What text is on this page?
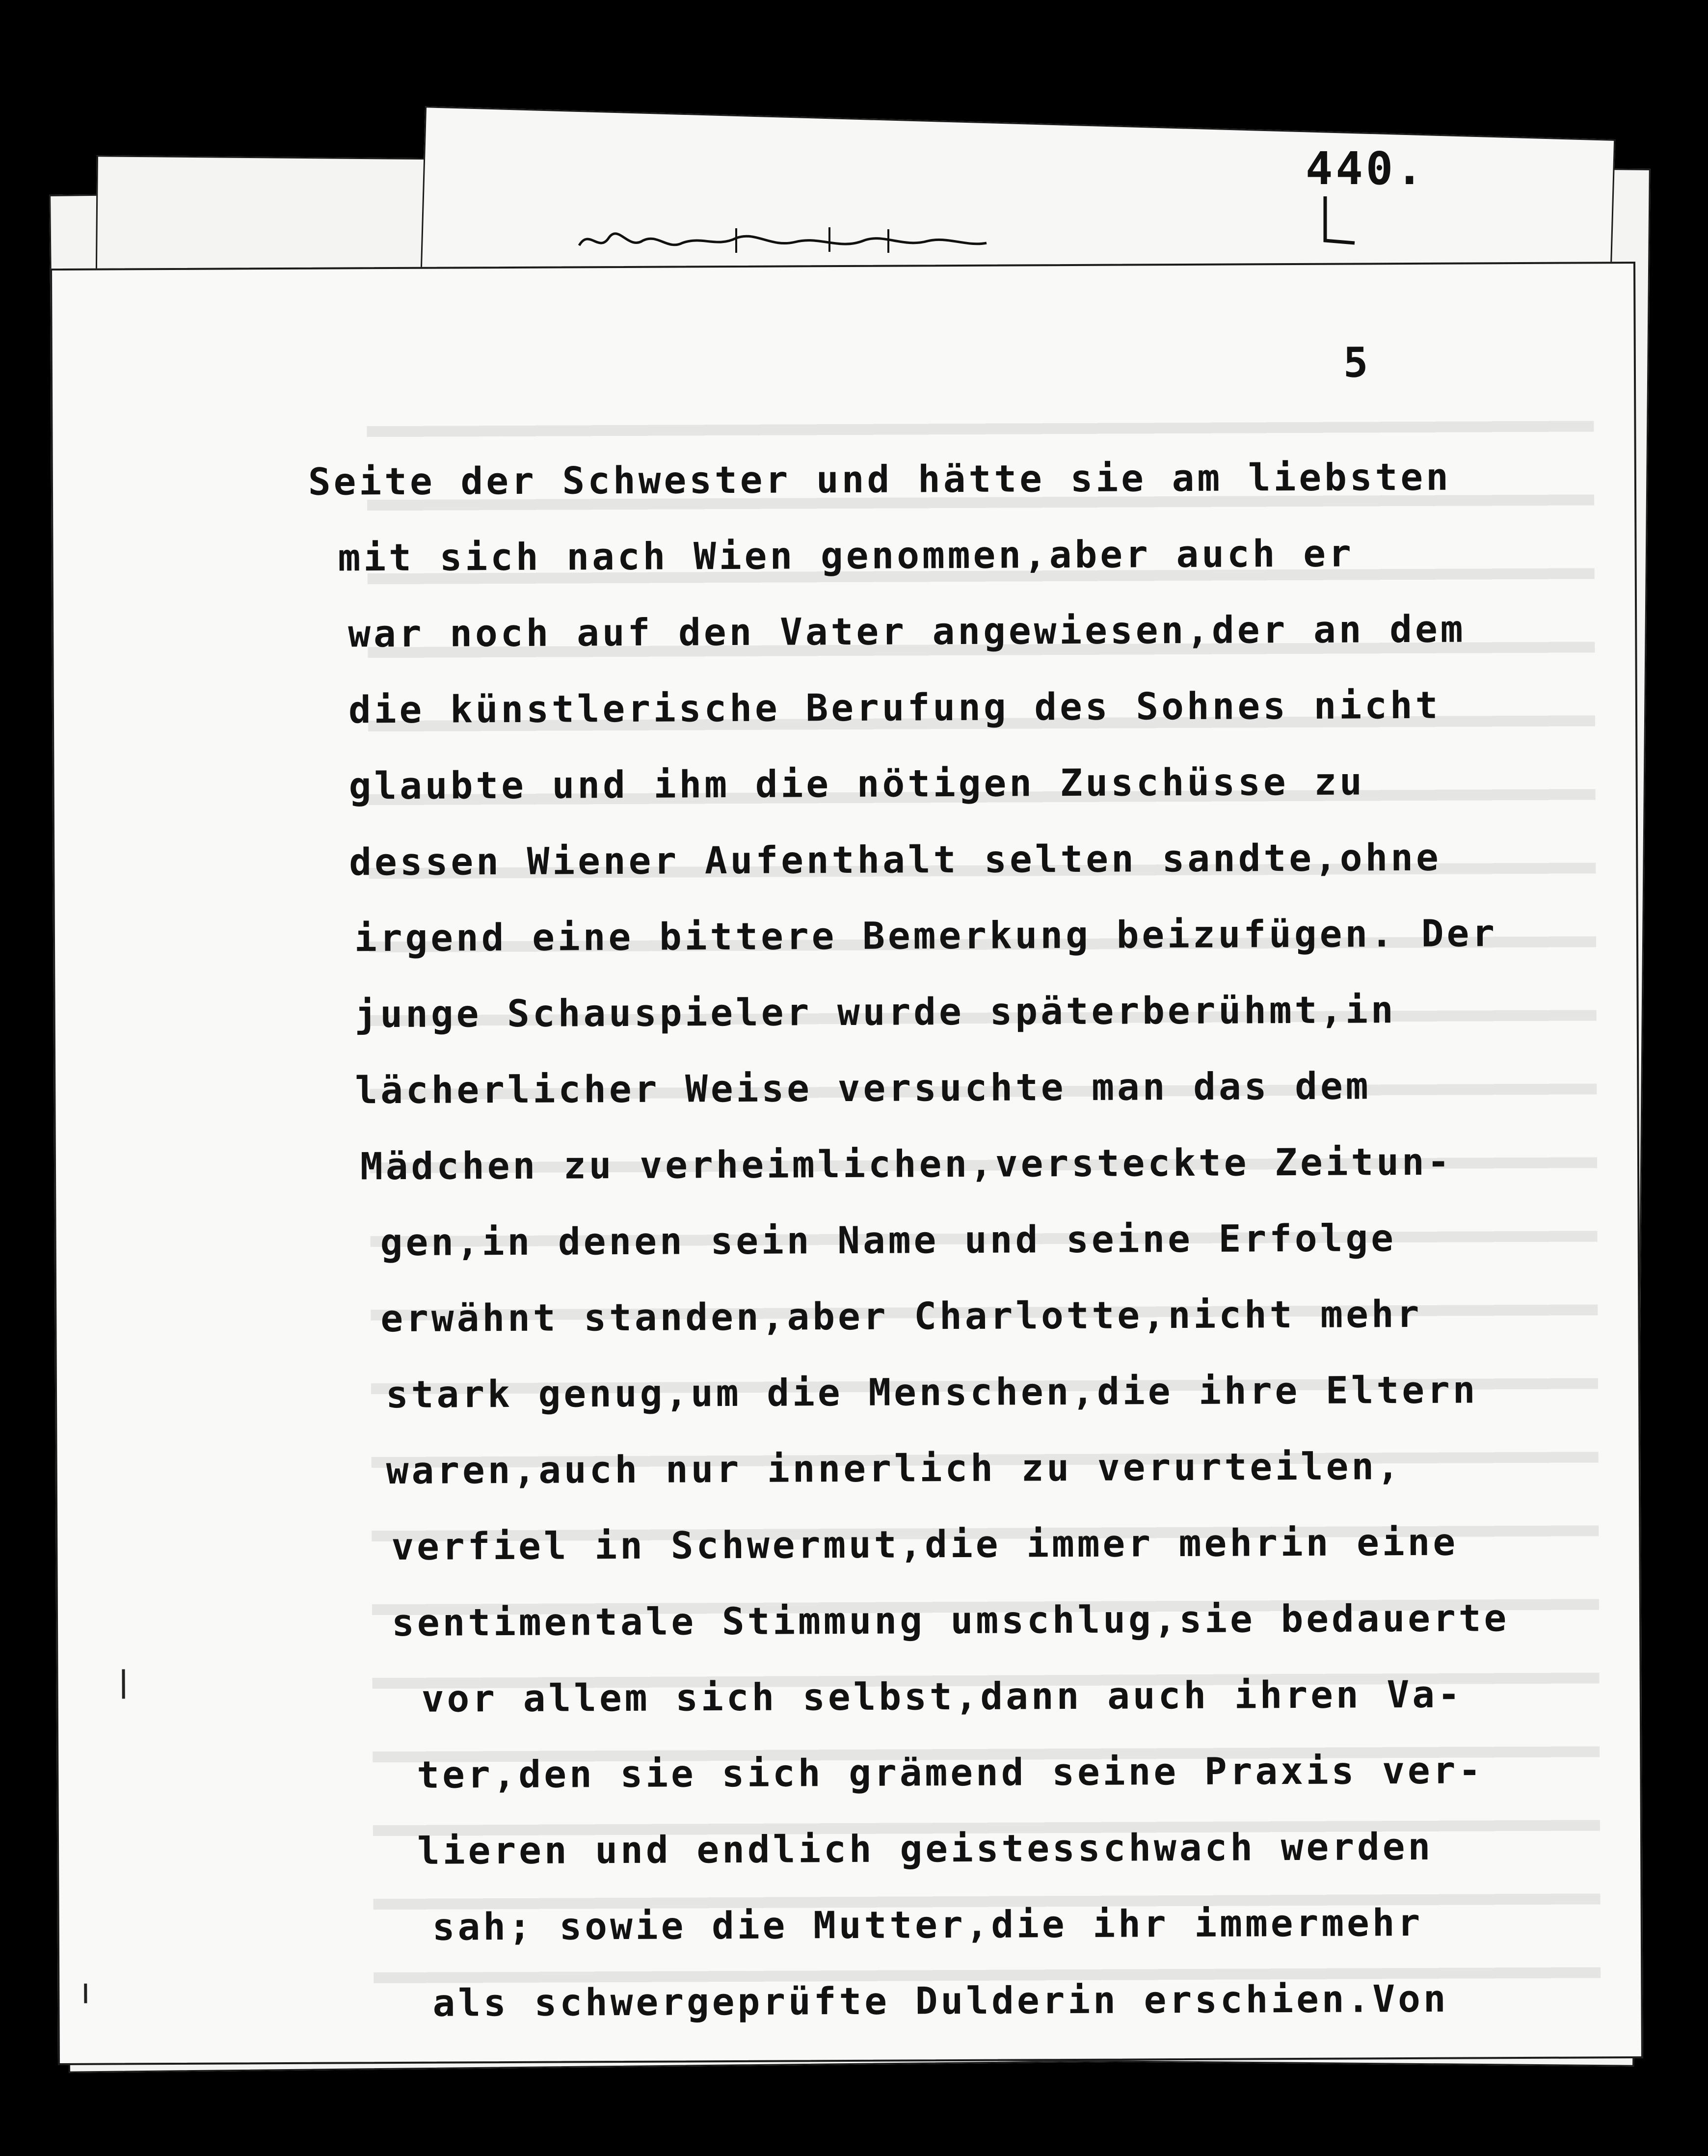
440.
5
Seite der Schwester und hätte sie am liebsten
mit sich nach Wien genommen,aber auch er
war noch auf den Vater angewiesen,der an dem
die künstlerische Berufung des Sohnes nicht
glaubte und ihm die nötigen Zuschüsse zu
dessen Wiener Aufenthalt selten sandte,ohne
irgend eine bittere Bemerkung beizufügen. Der
junge Schauspieler wurde späterberühmt,in
lächerlicher Weise versuchte man das dem
Mädchen zu verheimlichen,versteckte Zeitun-
gen,in denen sein Name und seine Erfolge
erwähnt standen,aber Charlotte,nicht mehr
stark genug,um die Menschen,die ihre Eltern
waren,auch nur innerlich zu verurteilen,
verfiel in Schwermut,die immer mehrin eine
sentimentale Stimmung umschlug,sie bedauerte
vor allem sich selbst,dann auch ihren Va-
ter,den sie sich grämend seine Praxis ver-
lieren und endlich geistesschwach werden
sah; sowie die Mutter,die ihr immermehr
als schwergeprüfte Dulderin erschien.Von
